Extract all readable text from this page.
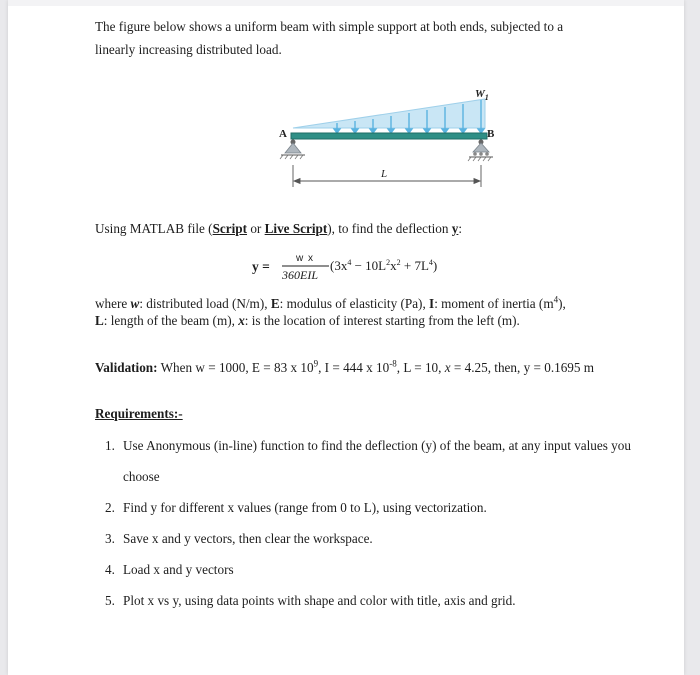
The figure below shows a uniform beam with simple support at both ends, subjected to a
linearly increasing distributed load.
$W_1$
A	B
L
Using MATLAB file (Script or Live Script), to find the deflection y:
y =
w x
360EIL
$(3x^4 - 10L^2x^2 + 7L^4)$
where w: distributed load (N/m), E: modulus of elasticity (Pa), I: moment of inertia $(m^4)$,
L: length of the beam (m), x: is the location of interest starting from the left (m).
Validation: When w = 1000, E = 83 x $10^9$, I = 444 x $10^{-8}$, L = 10, x = 4.25, then, y = 0.1695 m
Requirements:-
1. Use Anonymous (in-line) function to find the deflection (y) of the beam, at any input values you
choose
2. Find y for different x values (range from 0 to L), using vectorization.
3. Save x and y vectors, then clear the workspace.
4. Load x and y vectors
5. Plot x vs y, using data points with shape and color with title, axis and grid.
